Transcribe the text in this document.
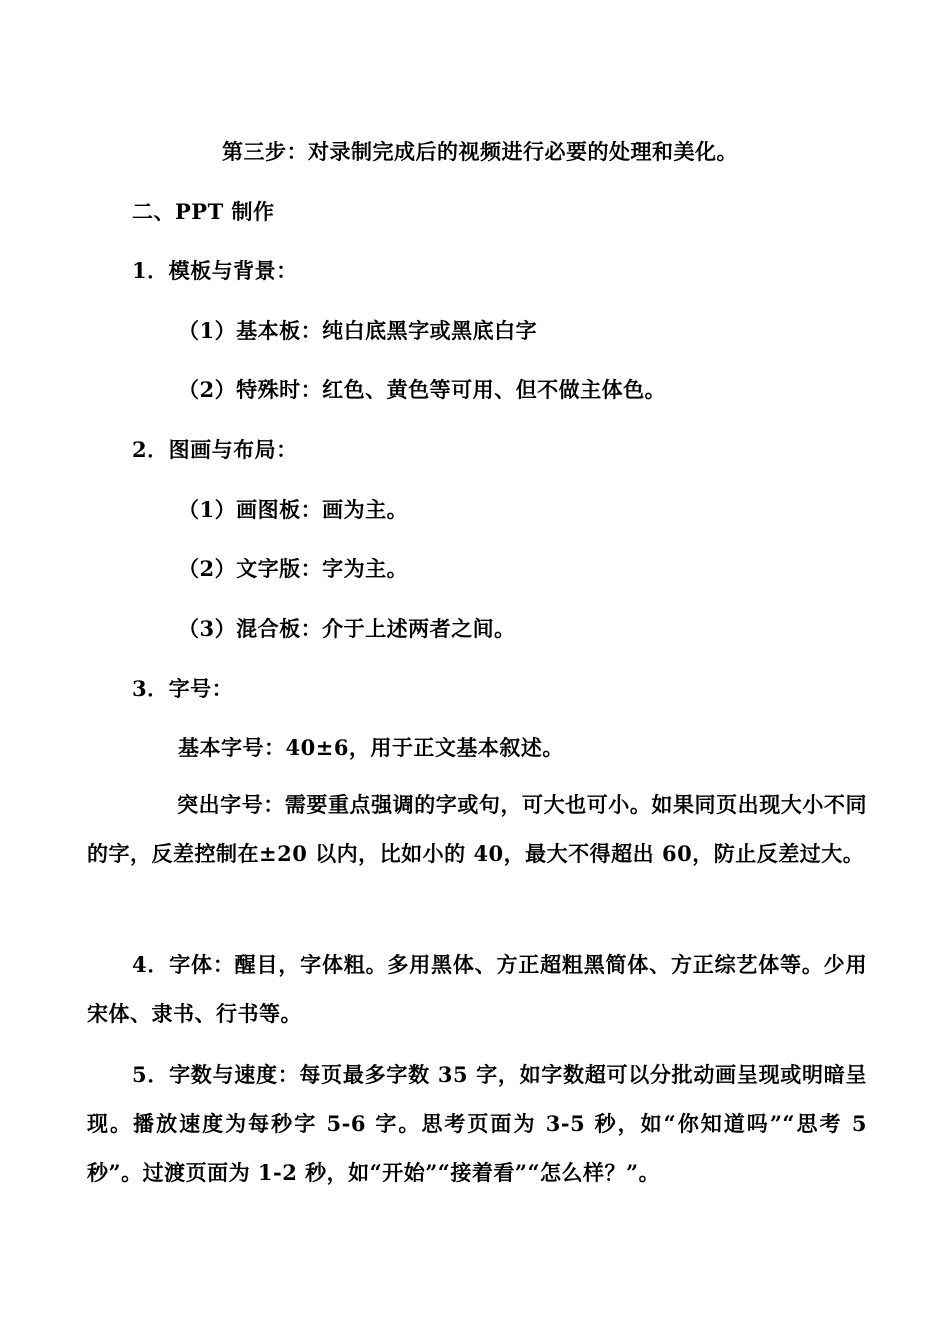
第三步：对录制完成后的视频进行必要的处理和美化。
二、PPT 制作
1．模板与背景：
（1）基本板：纯白底黑字或黑底白字
（2）特殊时：红色、黄色等可用、但不做主体色。
2．图画与布局：
（1）画图板：画为主。
（2）文字版：字为主。
（3）混合板：介于上述两者之间。
3．字号：
基本字号：40±6，用于正文基本叙述。
突出字号：需要重点强调的字或句，可大也可小。如果同页出现大小不同的字，反差控制在±20 以内，比如小的 40，最大不得超出 60，防止反差过大。
4．字体：醒目，字体粗。多用黑体、方正超粗黑简体、方正综艺体等。少用宋体、隶书、行书等。
5．字数与速度：每页最多字数 35 字，如字数超可以分批动画呈现或明暗呈现。播放速度为每秒字 5-6 字。思考页面为 3-5 秒，如“你知道吗”“思考 5 秒”。过渡页面为 1-2 秒，如“开始”“接着看”“怎么样？”。
